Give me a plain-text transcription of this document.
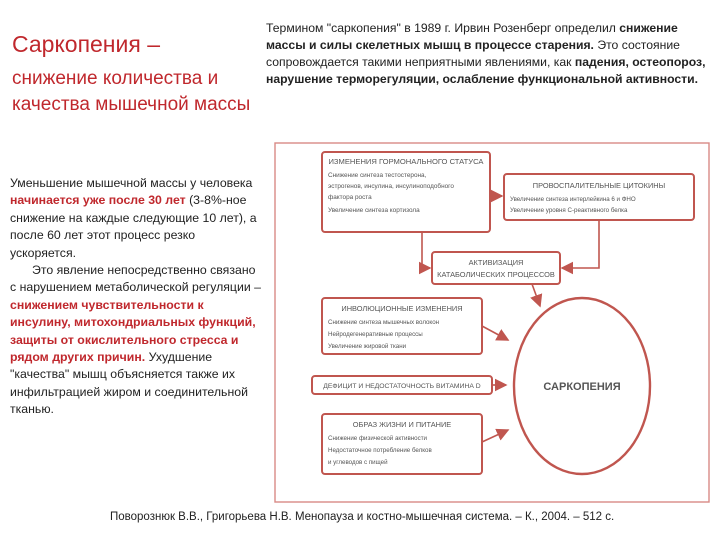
Саркопения –
снижение количества и качества мышечной массы
Термином "саркопения" в 1989 г. Ирвин Розенберг определил снижение массы и силы скелетных мышц в процессе старения. Это состояние сопровождается такими неприятными явлениями, как падения, остеопороз, нарушение терморегуляции, ослабление функциональной активности.

Уменьшение мышечной массы у человека начинается уже после 30 лет (3-8%-ное снижение на каждые следующие 10 лет), а после 60 лет этот процесс резко ускоряется.

Это явление непосредственно связано с нарушением метаболической регуляции – снижением чувствительности к инсулину, митохондриальных функций, защиты от окислительного стресса и рядом других причин. Ухудшение "качества" мышц объясняется также их инфильтрацией жиром и соединительной тканью.

ИЗМЕНЕНИЯ ГОРМОНАЛЬНОГО СТАТУСА
Снижение синтеза тестостерона,
эстрогенов, инсулина, инсулиноподобного
фактора роста
Увеличение синтеза кортизола
ПРОВОСПАЛИТЕЛЬНЫЕ ЦИТОКИНЫ
Увеличение синтеза интерлейкина 6 и ФНО
Увеличение уровня С-реактивного белка
АКТИВИЗАЦИЯ
КАТАБОЛИЧЕСКИХ ПРОЦЕССОВ
ИНВОЛЮЦИОННЫЕ ИЗМЕНЕНИЯ
Снижение синтеза мышечных волокон
Нейродегенеративные процессы
Увеличение жировой ткани
ДЕФИЦИТ И НЕДОСТАТОЧНОСТЬ ВИТАМИНА D
ОБРАЗ ЖИЗНИ И ПИТАНИЕ
Снижение физической активности
Недостаточное потребление белков
и углеводов с пищей
САРКОПЕНИЯ
Поворознюк В.В., Григорьева Н.В. Менопауза и костно-мышечная система. – К., 2004. – 512 с.
